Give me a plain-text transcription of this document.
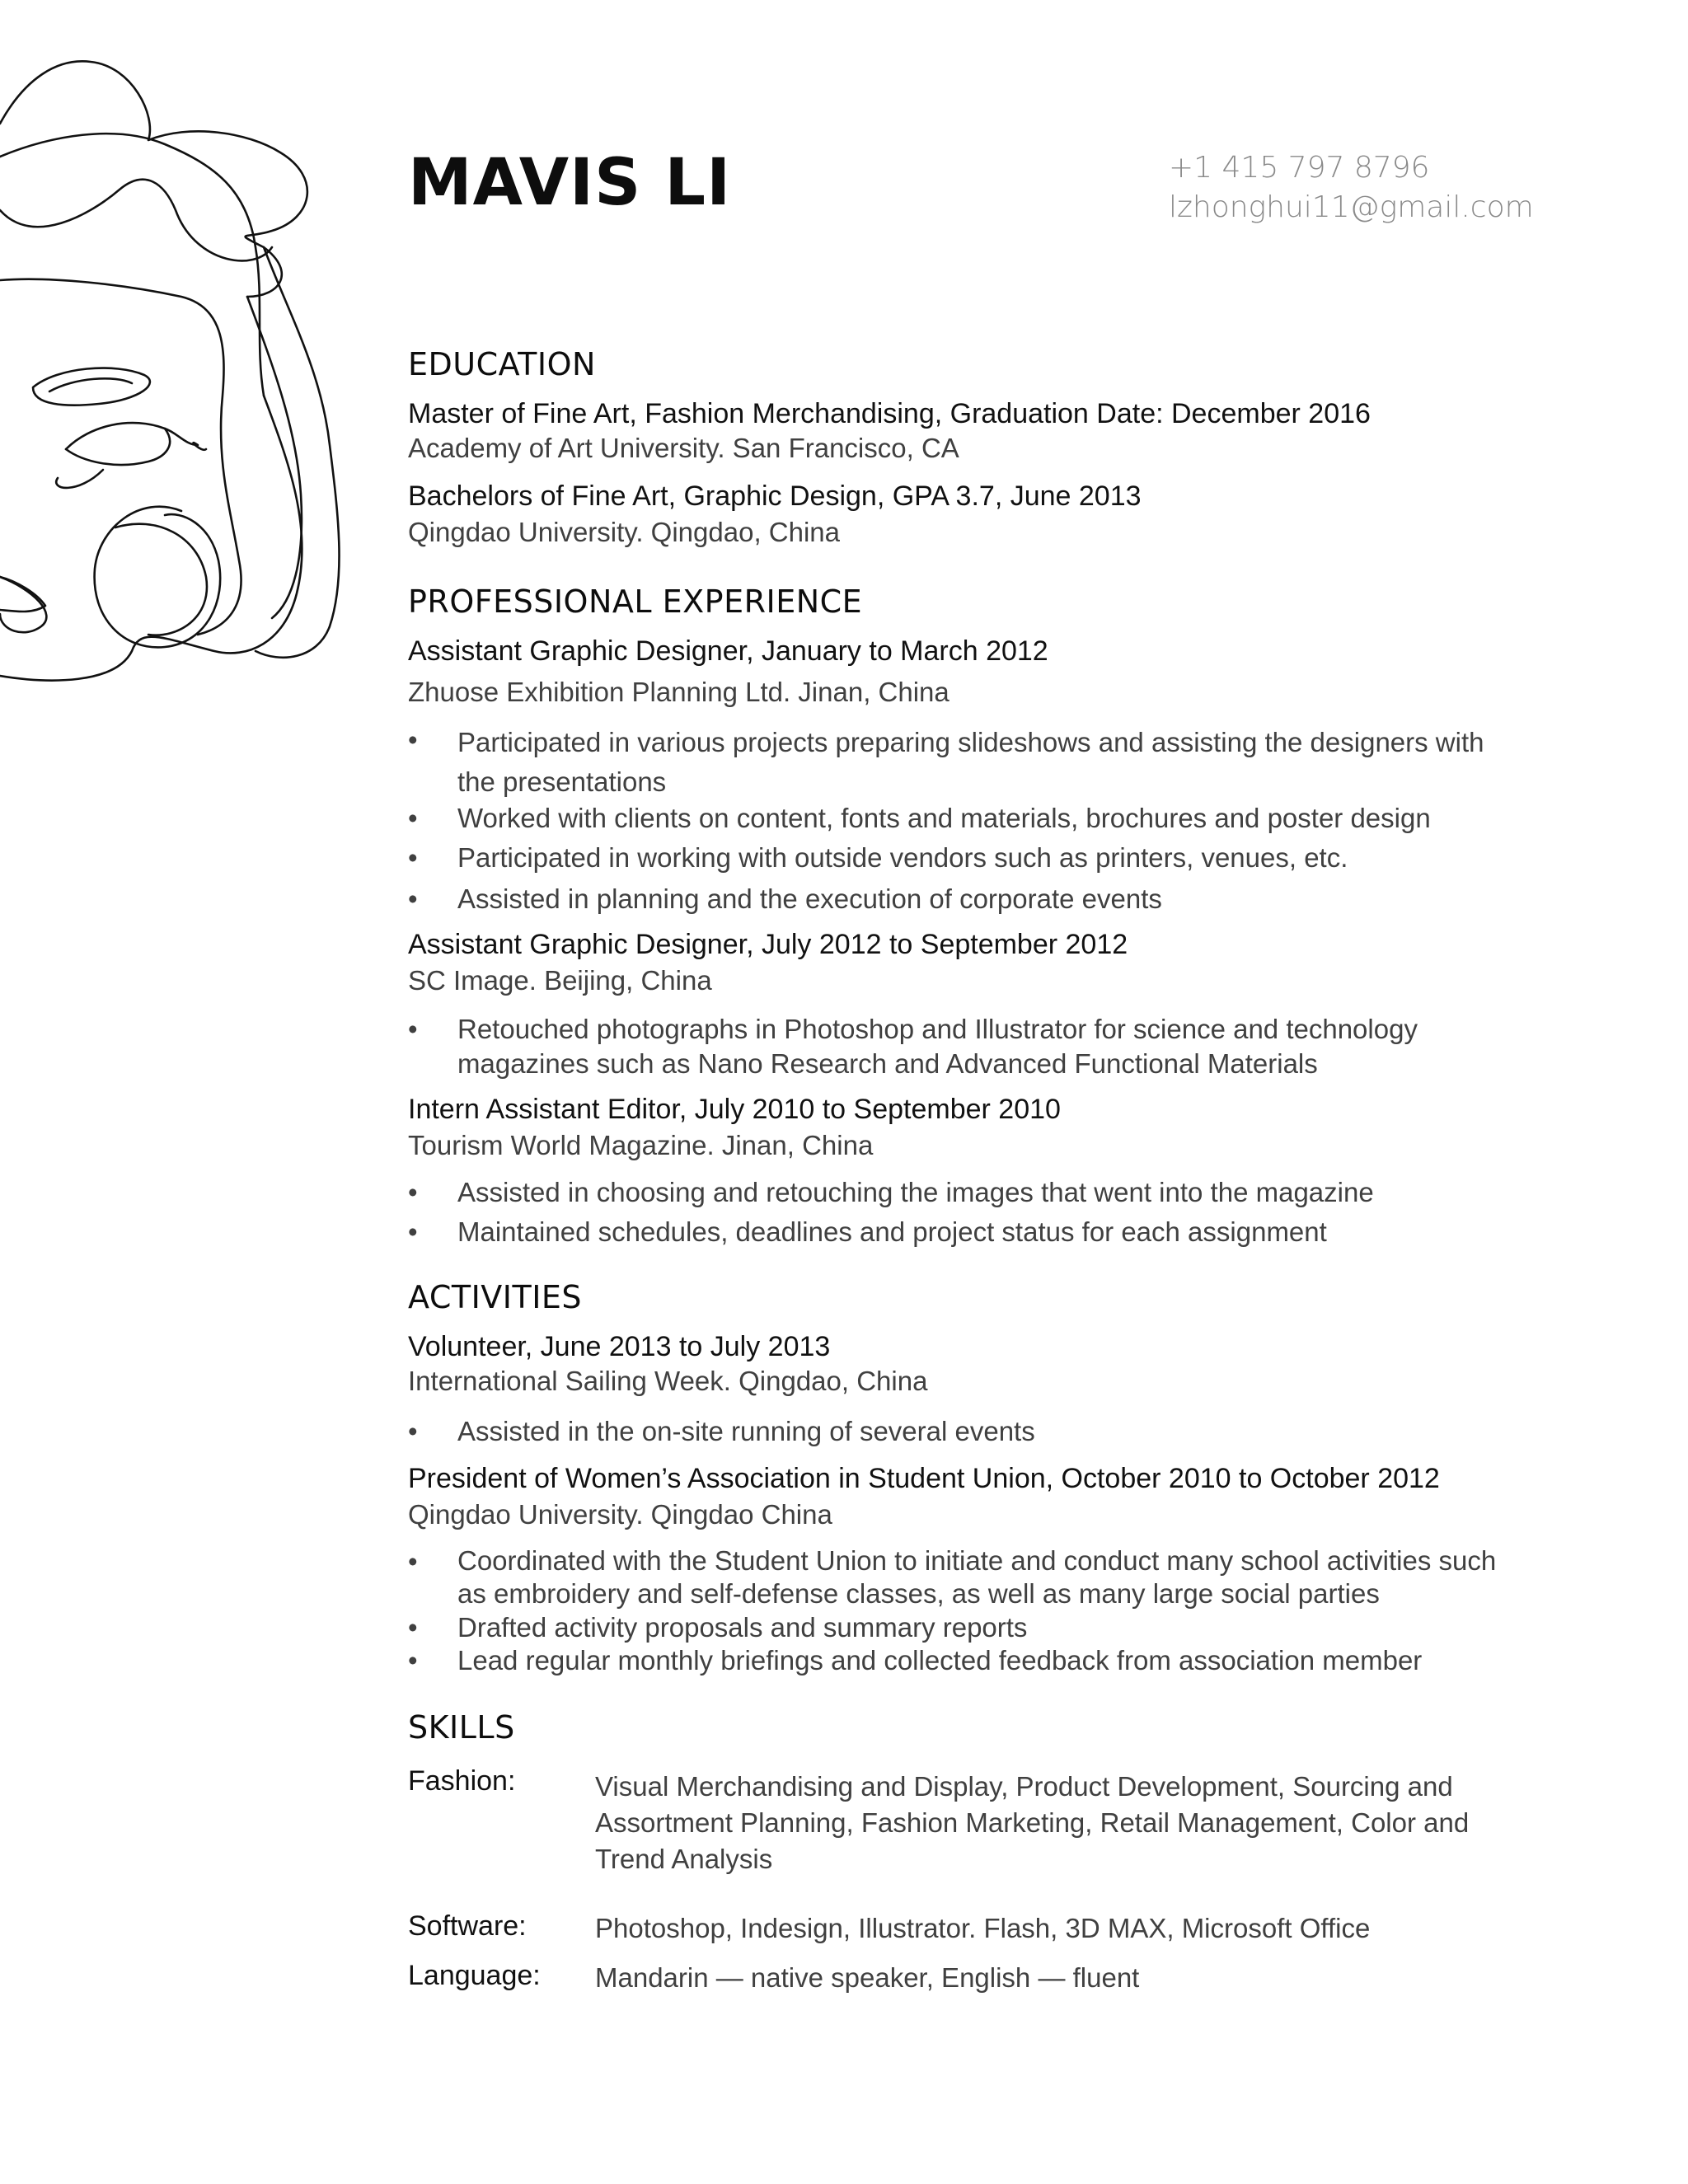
MAVIS LI	+1 415 797 8796
lzhonghui11@gmail.com
EDUCATION
Master of Fine Art, Fashion Merchandising, Graduation Date: December 2016
Academy of Art University. San Francisco, CA
Bachelors of Fine Art, Graphic Design, GPA 3.7, June 2013
Qingdao University. Qingdao, China
PROFESSIONAL EXPERIENCE
Assistant Graphic Designer, January to March 2012
Zhuose Exhibition Planning Ltd. Jinan, China
• Participated in various projects preparing slideshows and assisting the designers with the presentations
• Worked with clients on content, fonts and materials, brochures and poster design
• Participated in working with outside vendors such as printers, venues, etc.
• Assisted in planning and the execution of corporate events
Assistant Graphic Designer, July 2012 to September 2012
SC Image. Beijing, China
• Retouched photographs in Photoshop and Illustrator for science and technology magazines such as Nano Research and Advanced Functional Materials
Intern Assistant Editor, July 2010 to September 2010
Tourism World Magazine. Jinan, China
• Assisted in choosing and retouching the images that went into the magazine
• Maintained schedules, deadlines and project status for each assignment
ACTIVITIES
Volunteer, June 2013 to July 2013
International Sailing Week. Qingdao, China
• Assisted in the on-site running of several events
President of Women’s Association in Student Union, October 2010 to October 2012
Qingdao University. Qingdao China
• Coordinated with the Student Union to initiate and conduct many school activities such as embroidery and self-defense classes, as well as many large social parties
• Drafted activity proposals and summary reports
• Lead regular monthly briefings and collected feedback from association member
SKILLS
Fashion:	Visual Merchandising and Display, Product Development, Sourcing and Assortment Planning, Fashion Marketing, Retail Management, Color and Trend Analysis
Software:	Photoshop, Indesign, Illustrator. Flash, 3D MAX, Microsoft Office
Language: Mandarin — native speaker, English — fluent
